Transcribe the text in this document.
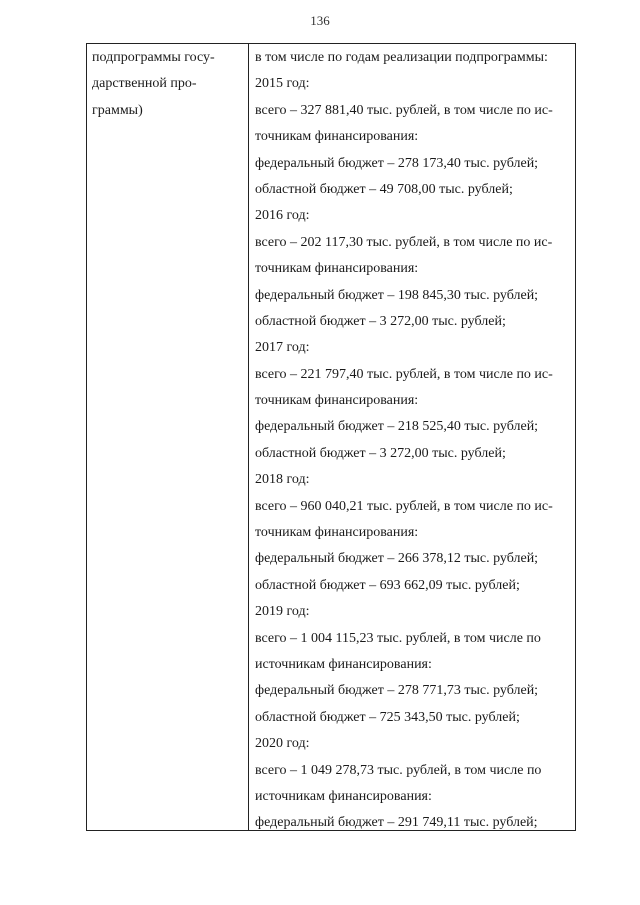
136
подпрограммы госу-
дарственной про-
граммы)
в том числе по годам реализации подпрограммы:
2015 год:
всего – 327 881,40 тыс. рублей, в том числе по ис-
точникам финансирования:
федеральный бюджет – 278 173,40 тыс. рублей;
областной бюджет – 49 708,00 тыс. рублей;
2016 год:
всего – 202 117,30 тыс. рублей, в том числе по ис-
точникам финансирования:
федеральный бюджет – 198 845,30 тыс. рублей;
областной бюджет – 3 272,00 тыс. рублей;
2017 год:
всего – 221 797,40 тыс. рублей, в том числе по ис-
точникам финансирования:
федеральный бюджет – 218 525,40 тыс. рублей;
областной бюджет – 3 272,00 тыс. рублей;
2018 год:
всего – 960 040,21 тыс. рублей, в том числе по ис-
точникам финансирования:
федеральный бюджет – 266 378,12 тыс. рублей;
областной бюджет – 693 662,09 тыс. рублей;
2019 год:
всего – 1 004 115,23 тыс. рублей, в том числе по
источникам финансирования:
федеральный бюджет – 278 771,73 тыс. рублей;
областной бюджет – 725 343,50 тыс. рублей;
2020 год:
всего – 1 049 278,73 тыс. рублей, в том числе по
источникам финансирования:
федеральный бюджет – 291 749,11 тыс. рублей;
